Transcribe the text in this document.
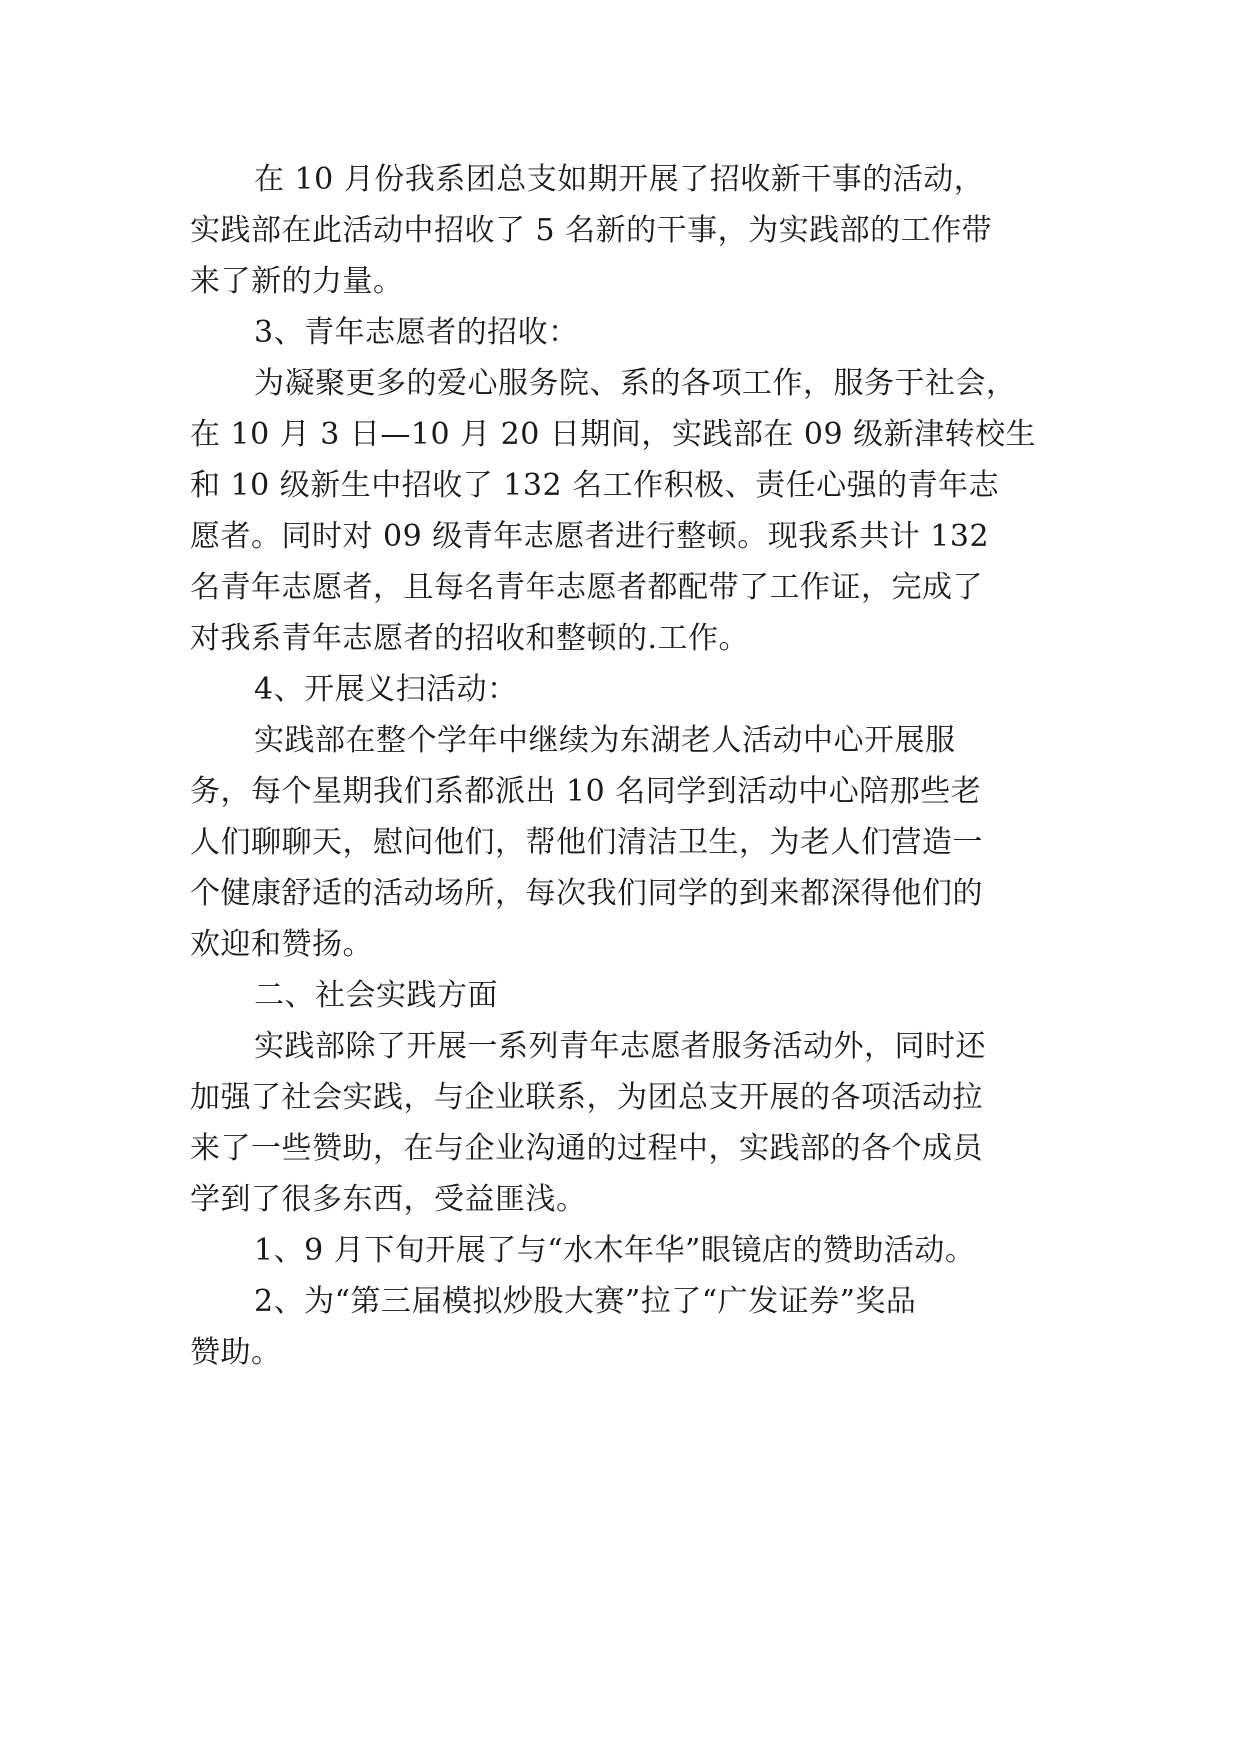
在 10 月份我系团总支如期开展了招收新干事的活动，
实践部在此活动中招收了 5 名新的干事，为实践部的工作带
来了新的力量。
3、青年志愿者的招收：
为凝聚更多的爱心服务院、系的各项工作，服务于社会，
在 10 月 3 日—10 月 20 日期间，实践部在 09 级新津转校生
和 10 级新生中招收了 132 名工作积极、责任心强的青年志
愿者。同时对 09 级青年志愿者进行整顿。现我系共计 132
名青年志愿者，且每名青年志愿者都配带了工作证，完成了
对我系青年志愿者的招收和整顿的.工作。
4、开展义扫活动：
实践部在整个学年中继续为东湖老人活动中心开展服
务，每个星期我们系都派出 10 名同学到活动中心陪那些老
人们聊聊天，慰问他们，帮他们清洁卫生，为老人们营造一
个健康舒适的活动场所，每次我们同学的到来都深得他们的
欢迎和赞扬。
二、社会实践方面
实践部除了开展一系列青年志愿者服务活动外，同时还
加强了社会实践，与企业联系，为团总支开展的各项活动拉
来了一些赞助，在与企业沟通的过程中，实践部的各个成员
学到了很多东西，受益匪浅。
1、9 月下旬开展了与“水木年华”眼镜店的赞助活动。
2、为“第三届模拟炒股大赛”拉了“广发证券”奖品
赞助。
